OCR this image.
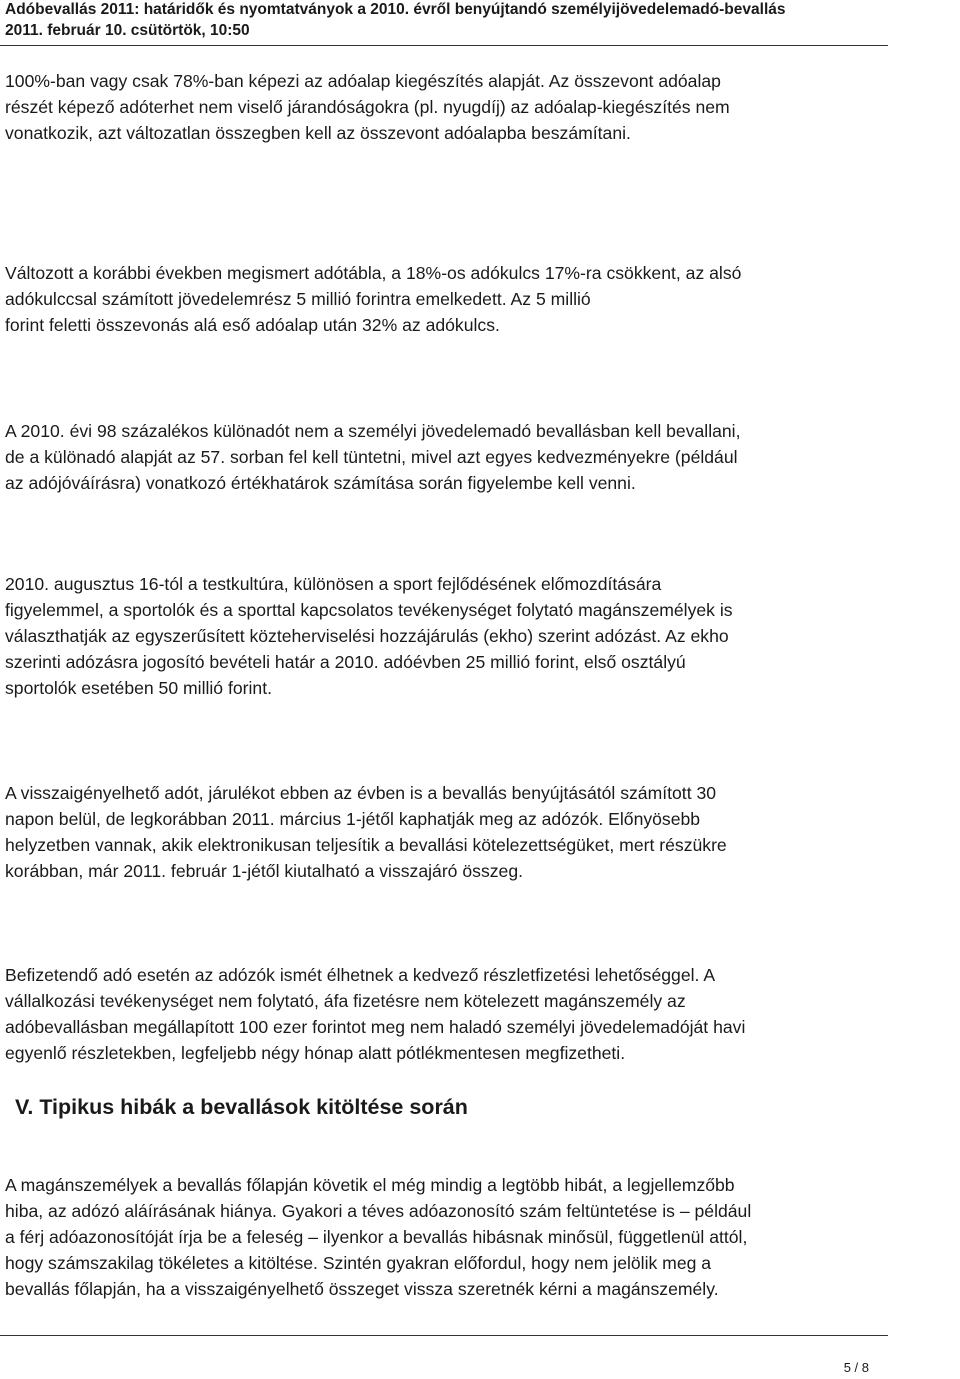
Adóbevallás 2011: határidők és nyomtatványok a 2010. évről benyújtandó személyijövedelemadó-bevallás
2011. február 10. csütörtök, 10:50

100%-ban vagy csak 78%-ban képezi az adóalap kiegészítés alapját. Az összevont adóalap
részét képező adóterhet nem viselő járandóságokra (pl. nyugdíj) az adóalap-kiegészítés nem
vonatkozik, azt változatlan összegben kell az összevont adóalapba beszámítani.

Változott a korábbi években megismert adótábla, a 18%-os adókulcs 17%-ra csökkent, az alsó
adókulccsal számított jövedelemrész 5 millió forintra emelkedett. Az 5 millió
forint feletti összevonás alá eső adóalap után 32% az adókulcs.

A 2010. évi 98 százalékos különadót nem a személyi jövedelemadó bevallásban kell bevallani,
de a különadó alapját az 57. sorban fel kell tüntetni, mivel azt egyes kedvezményekre (például
az adójóváírásra) vonatkozó értékhatárok számítása során figyelembe kell venni.

2010. augusztus 16-tól a testkultúra, különösen a sport fejlődésének előmozdítására
figyelemmel, a sportolók és a sporttal kapcsolatos tevékenységet folytató magánszemélyek is
választhatják az egyszerűsített közteherviselési hozzájárulás (ekho) szerint adózást. Az ekho
szerinti adózásra jogosító bevételi határ a 2010. adóévben 25 millió forint, első osztályú
sportolók esetében 50 millió forint.

A visszaigényelhető adót, járulékot ebben az évben is a bevallás benyújtásától számított 30
napon belül, de legkorábban 2011. március 1-jétől kaphatják meg az adózók. Előnyösebb
helyzetben vannak, akik elektronikusan teljesítik a bevallási kötelezettségüket, mert részükre
korábban, már 2011. február 1-jétől kiutalható a visszajáró összeg.

Befizetendő adó esetén az adózók ismét élhetnek a kedvező részletfizetési lehetőséggel. A
vállalkozási tevékenységet nem folytató, áfa fizetésre nem kötelezett magánszemély az
adóbevallásban megállapított 100 ezer forintot meg nem haladó személyi jövedelemadóját havi
egyenlő részletekben, legfeljebb négy hónap alatt pótlékmentesen megfizetheti.

V. Tipikus hibák a bevallások kitöltése során

A magánszemélyek a bevallás főlapján követik el még mindig a legtöbb hibát, a legjellemzőbb
hiba, az adózó aláírásának hiánya. Gyakori a téves adóazonosító szám feltüntetése is – például
a férj adóazonosítóját írja be a feleség – ilyenkor a bevallás hibásnak minősül, függetlenül attól,
hogy számszakilag tökéletes a kitöltése. Szintén gyakran előfordul, hogy nem jelölik meg a
bevallás főlapján, ha a visszaigényelhető összeget vissza szeretnék kérni a magánszemély.

5 / 8
